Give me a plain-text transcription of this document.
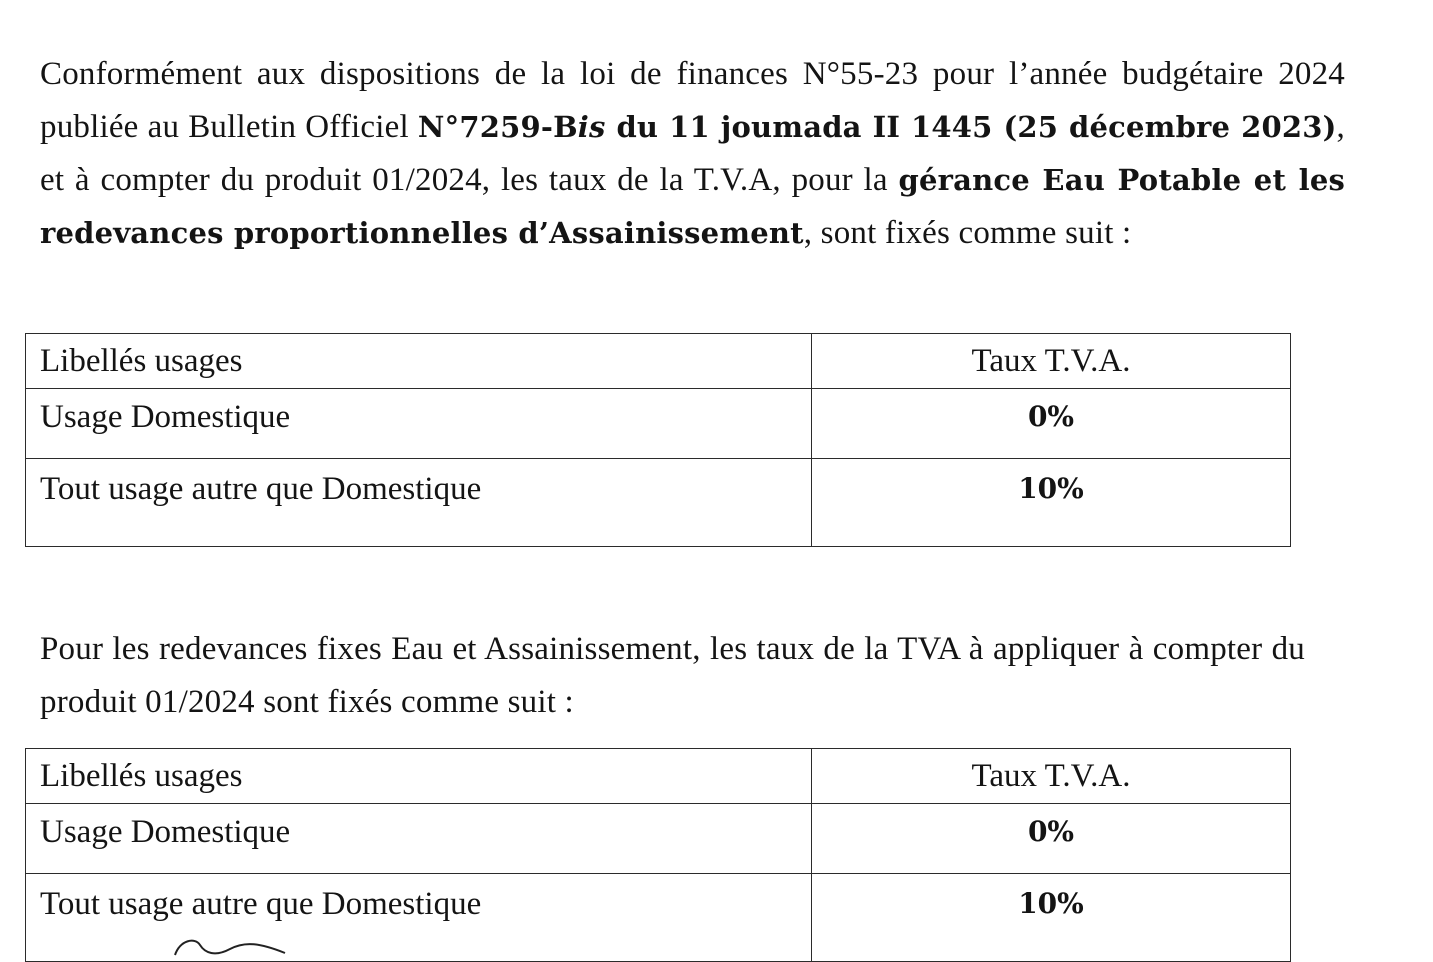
Conformément aux dispositions de la loi de finances N°55-23 pour l’année budgétaire 2024 publiée au Bulletin Officiel N°7259-Bis du 11 joumada II 1445 (25 décembre 2023), et à compter du produit 01/2024, les taux de la T.V.A, pour la gérance Eau Potable et les redevances proportionnelles d’Assainissement, sont fixés comme suit :
Libellés usages	Taux T.V.A.
Usage Domestique	0%
Tout usage autre que Domestique	10%
Pour les redevances fixes Eau et Assainissement, les taux de la TVA à appliquer à compter du produit 01/2024 sont fixés comme suit :
Libellés usages	Taux T.V.A.
Usage Domestique	0%
Tout usage autre que Domestique	10%
